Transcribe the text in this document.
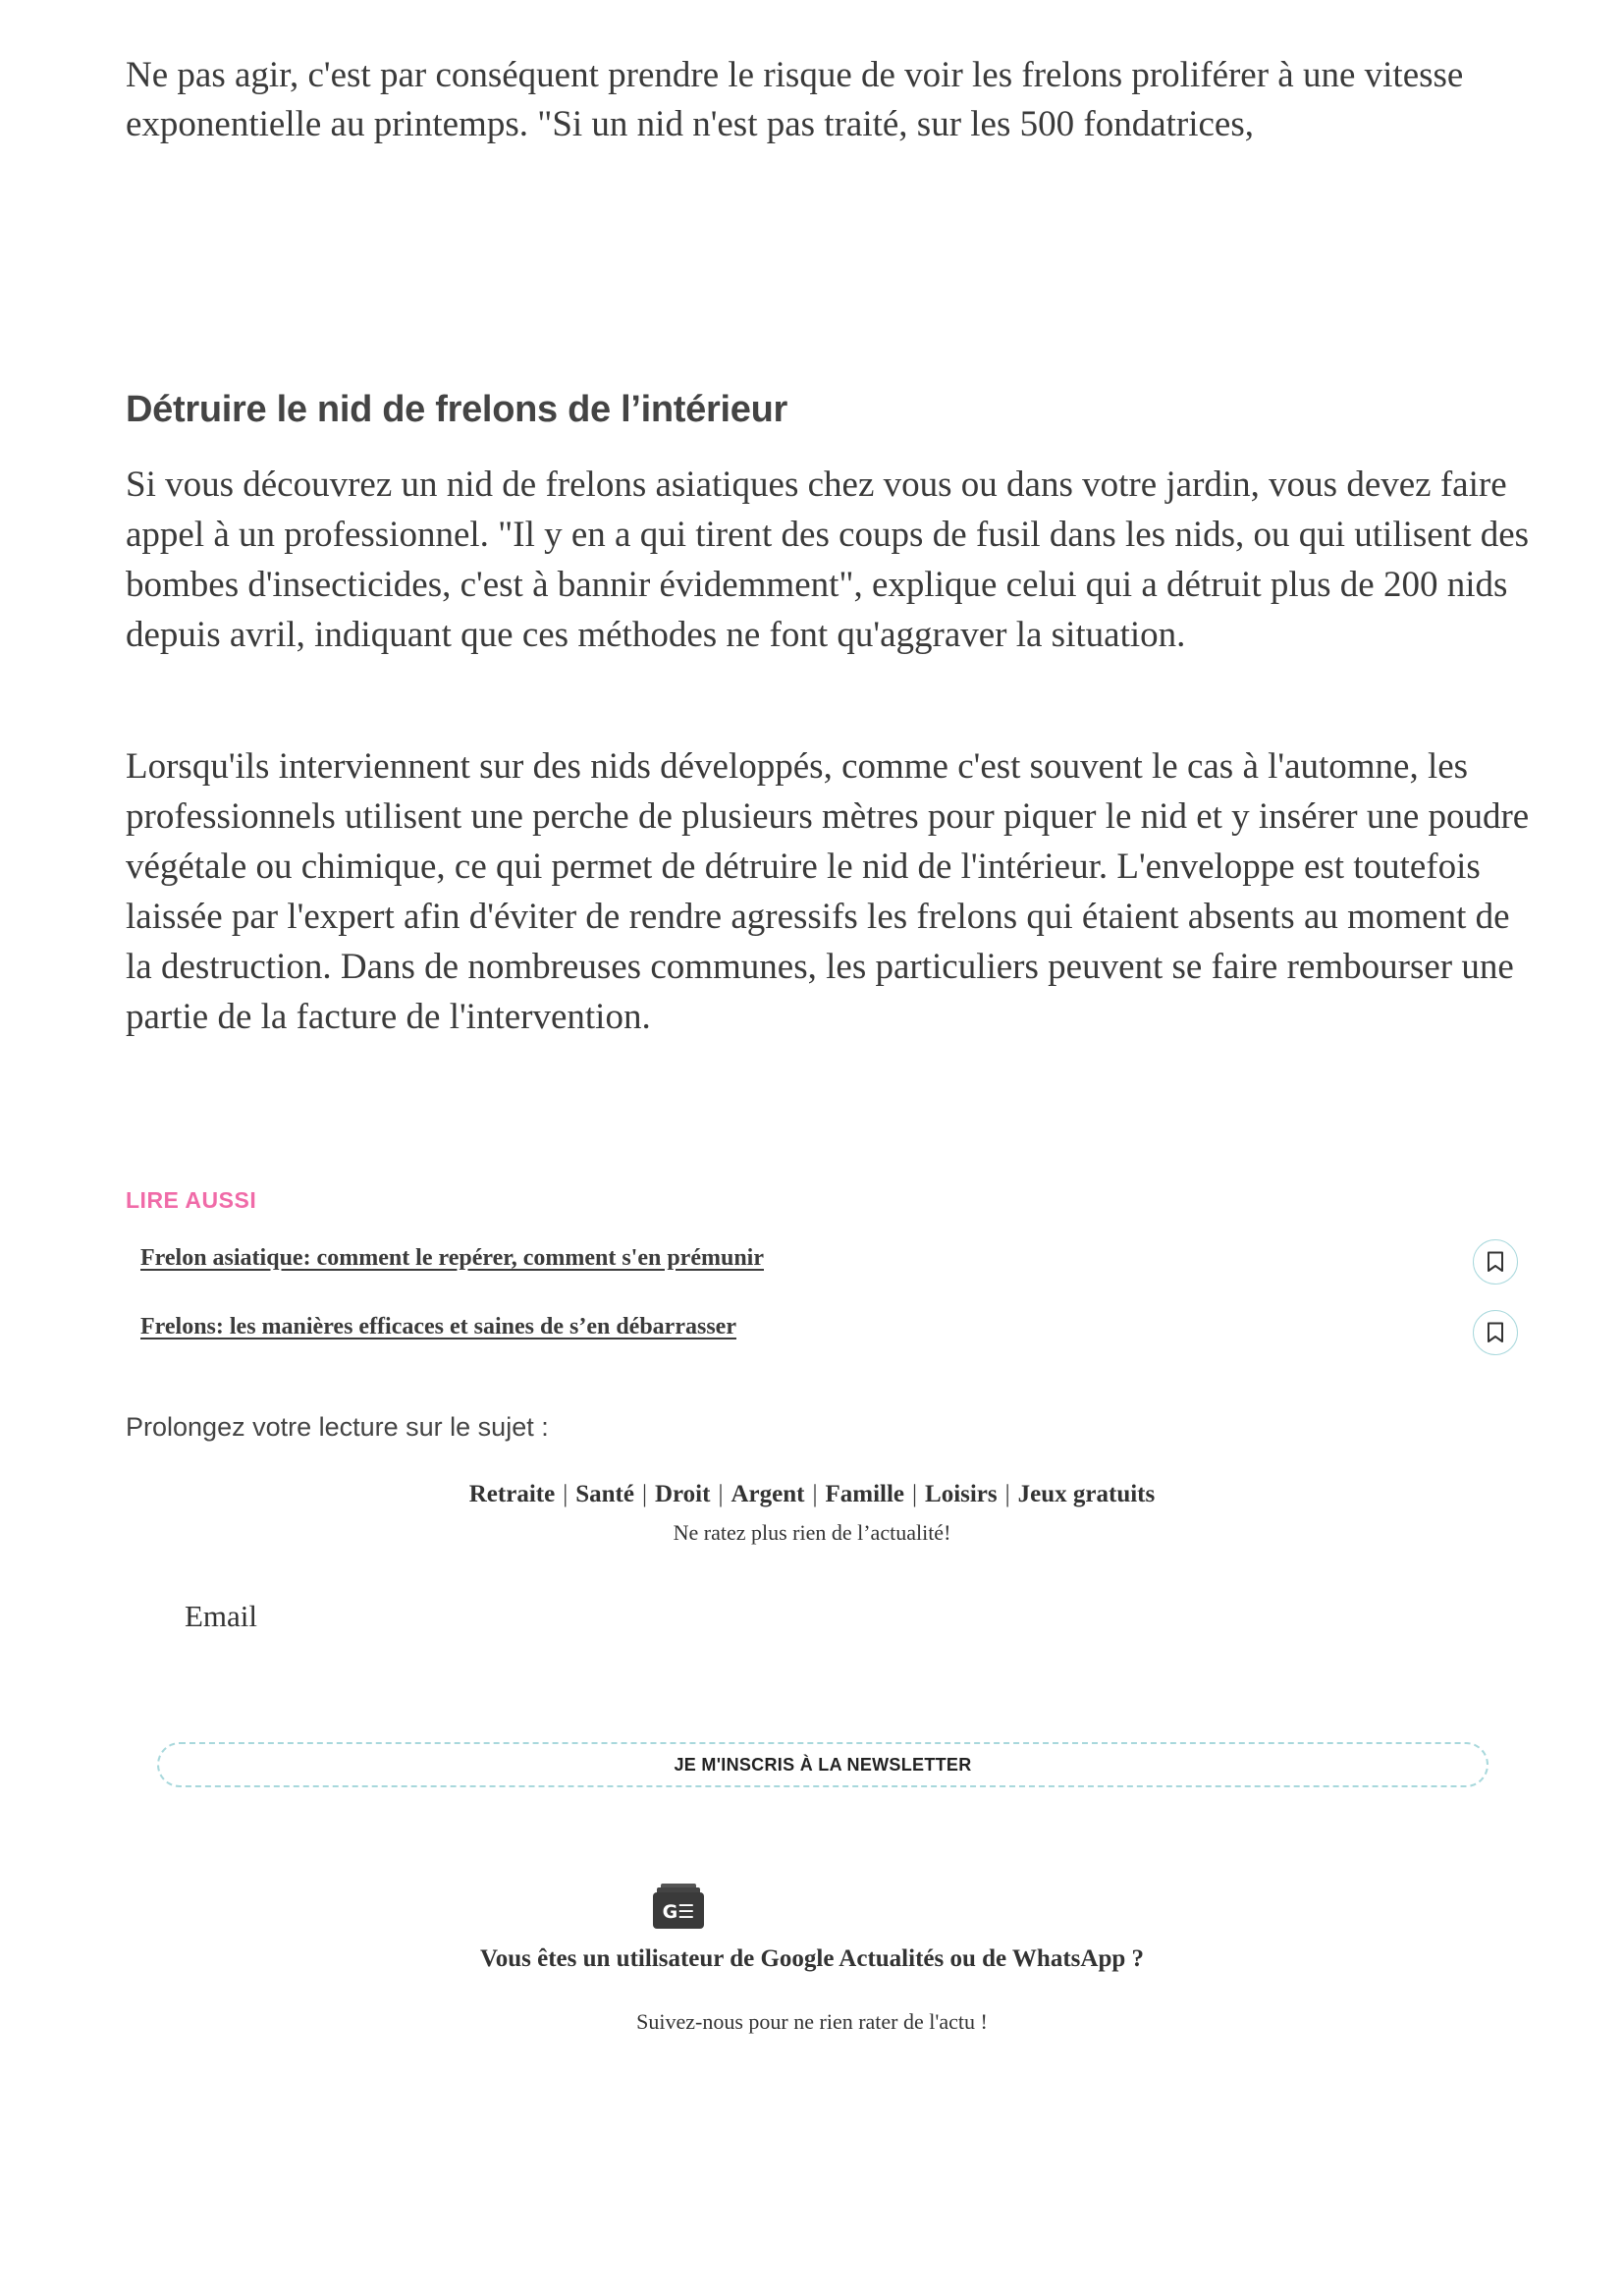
Ne pas agir, c'est par conséquent prendre le risque de voir les frelons proliférer à une vitesse exponentielle au printemps. "Si un nid n'est pas traité, sur les 500 fondatrices,

Détruire le nid de frelons de l’intérieur

Si vous découvrez un nid de frelons asiatiques chez vous ou dans votre jardin, vous devez faire appel à un professionnel. "Il y en a qui tirent des coups de fusil dans les nids, ou qui utilisent des bombes d'insecticides, c'est à bannir évidemment", explique celui qui a détruit plus de 200 nids depuis avril, indiquant que ces méthodes ne font qu'aggraver la situation.

Lorsqu'ils interviennent sur des nids développés, comme c'est souvent le cas à l'automne, les professionnels utilisent une perche de plusieurs mètres pour piquer le nid et y insérer une poudre végétale ou chimique, ce qui permet de détruire le nid de l'intérieur. L'enveloppe est toutefois laissée par l'expert afin d'éviter de rendre agressifs les frelons qui étaient absents au moment de la destruction. Dans de nombreuses communes, les particuliers peuvent se faire rembourser une partie de la facture de l'intervention.

LIRE AUSSI

Frelon asiatique: comment le repérer, comment s'en prémunir
Frelons: les manières efficaces et saines de s’en débarrasser

Prolongez votre lecture sur le sujet :

Retraite | Santé | Droit | Argent | Famille | Loisirs | Jeux gratuits

Ne ratez plus rien de l’actualité!

Email

JE M'INSCRIS À LA NEWSLETTER
G☰

Vous êtes un utilisateur de Google Actualités ou de WhatsApp ?

Suivez-nous pour ne rien rater de l'actu !
